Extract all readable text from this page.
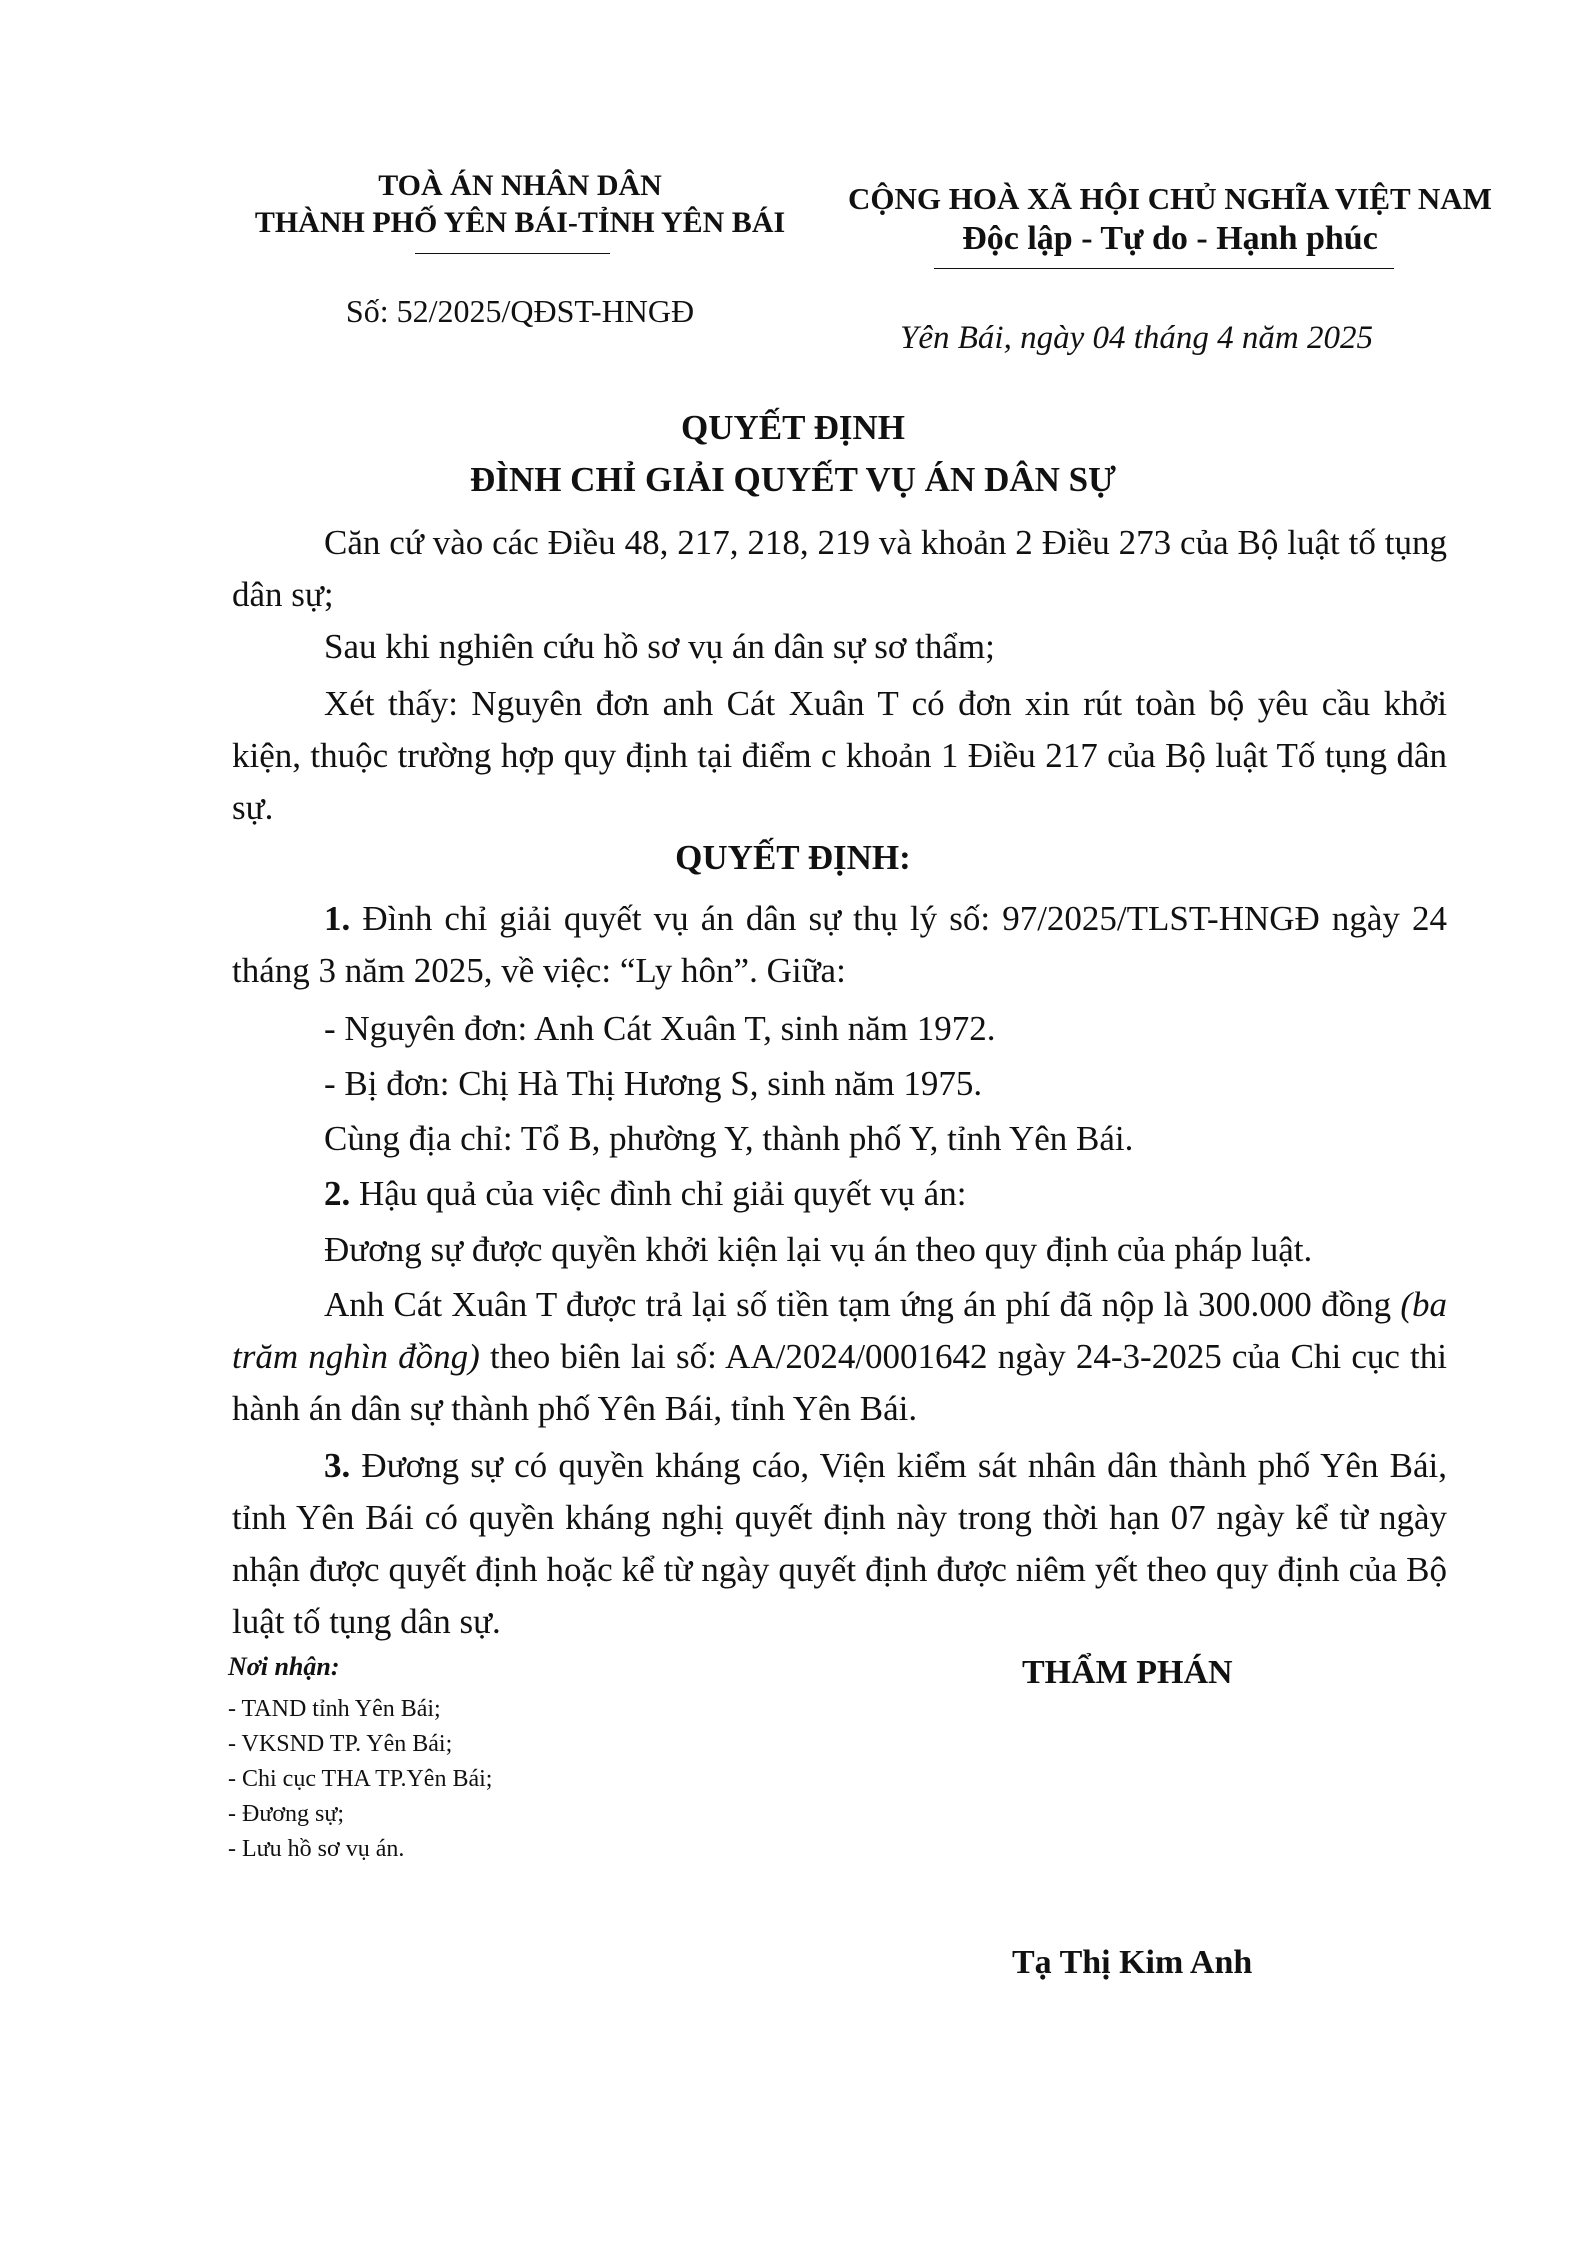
TOÀ ÁN NHÂN DÂN
THÀNH PHỐ YÊN BÁI-TỈNH YÊN BÁI
CỘNG HOÀ XÃ HỘI CHỦ NGHĨA VIỆT NAM
Độc lập - Tự do - Hạnh phúc
Số: 52/2025/QĐST-HNGĐ
Yên Bái, ngày 04 tháng 4 năm 2025
QUYẾT ĐỊNH
ĐÌNH CHỈ GIẢI QUYẾT VỤ ÁN DÂN SỰ
Căn cứ vào các Điều 48, 217, 218, 219 và khoản 2 Điều 273 của Bộ luật tố tụng dân sự;
Sau khi nghiên cứu hồ sơ vụ án dân sự sơ thẩm;
Xét thấy: Nguyên đơn anh Cát Xuân T có đơn xin rút toàn bộ yêu cầu khởi kiện, thuộc trường hợp quy định tại điểm c khoản 1 Điều 217 của Bộ luật Tố tụng dân sự.
QUYẾT ĐỊNH:
1. Đình chỉ giải quyết vụ án dân sự thụ lý số: 97/2025/TLST-HNGĐ ngày 24 tháng 3 năm 2025, về việc: “Ly hôn”. Giữa:
- Nguyên đơn: Anh Cát Xuân T, sinh năm 1972.
- Bị đơn: Chị Hà Thị Hương S, sinh năm 1975.
Cùng địa chỉ: Tổ B, phường Y, thành phố Y, tỉnh Yên Bái.
2. Hậu quả của việc đình chỉ giải quyết vụ án:
Đương sự được quyền khởi kiện lại vụ án theo quy định của pháp luật.
Anh Cát Xuân T được trả lại số tiền tạm ứng án phí đã nộp là 300.000 đồng (ba trăm nghìn đồng) theo biên lai số: AA/2024/0001642 ngày 24-3-2025 của Chi cục thi hành án dân sự thành phố Yên Bái, tỉnh Yên Bái.
3. Đương sự có quyền kháng cáo, Viện kiểm sát nhân dân thành phố Yên Bái, tỉnh Yên Bái có quyền kháng nghị quyết định này trong thời hạn 07 ngày kể từ ngày nhận được quyết định hoặc kể từ ngày quyết định được niêm yết theo quy định của Bộ luật tố tụng dân sự.
Nơi nhận:
- TAND tỉnh Yên Bái;
- VKSND TP. Yên Bái;
- Chi cục THA TP.Yên Bái;
- Đương sự;
- Lưu hồ sơ vụ án.
THẨM PHÁN
Tạ Thị Kim Anh
